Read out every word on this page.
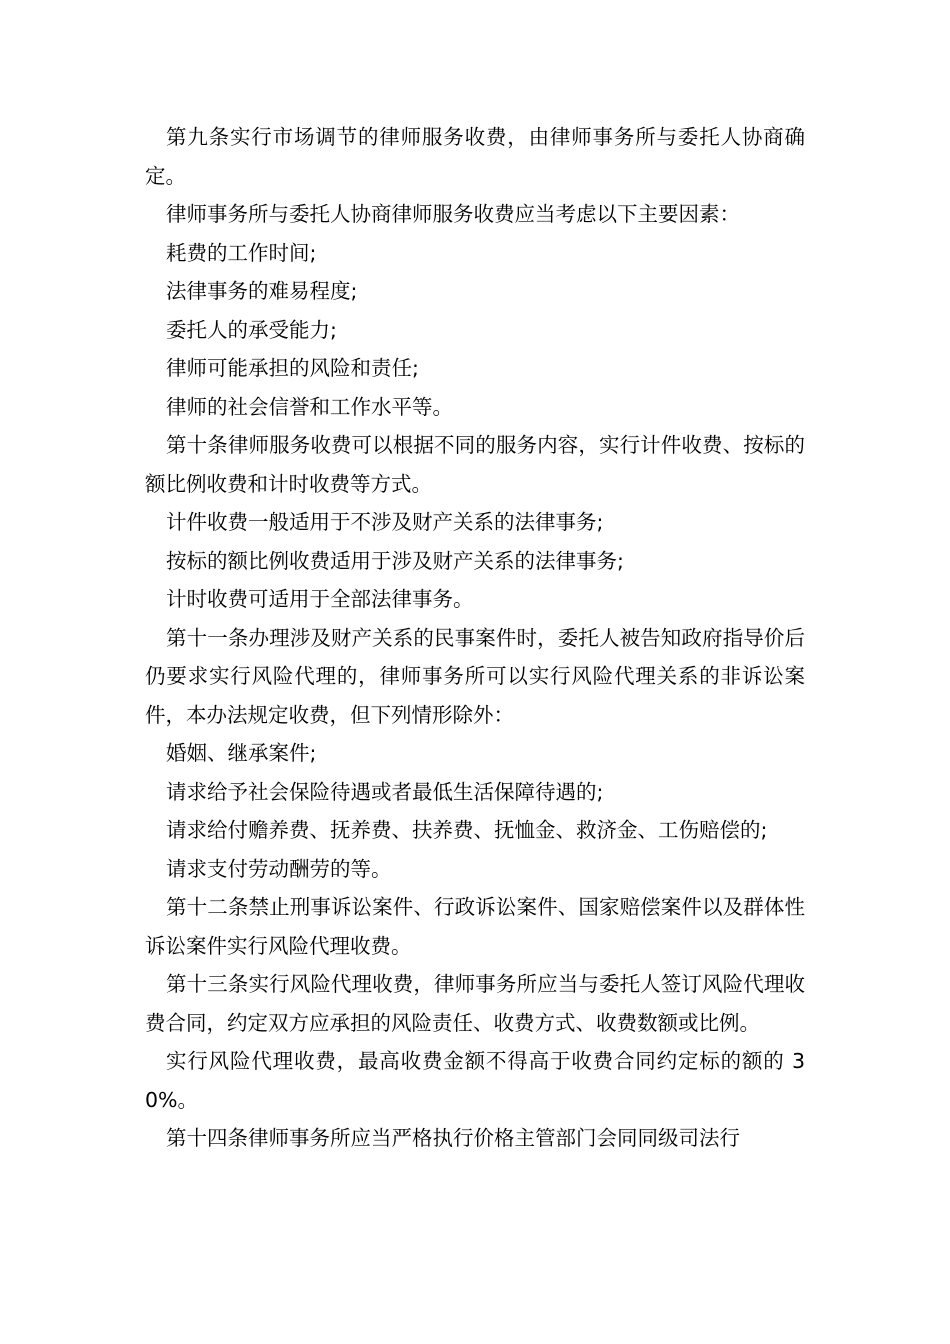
第九条实行市场调节的律师服务收费，由律师事务所与委托人协商确定。

律师事务所与委托人协商律师服务收费应当考虑以下主要因素：

耗费的工作时间;

法律事务的难易程度;

委托人的承受能力;

律师可能承担的风险和责任;

律师的社会信誉和工作水平等。

第十条律师服务收费可以根据不同的服务内容，实行计件收费、按标的额比例收费和计时收费等方式。

计件收费一般适用于不涉及财产关系的法律事务;

按标的额比例收费适用于涉及财产关系的法律事务;

计时收费可适用于全部法律事务。

第十一条办理涉及财产关系的民事案件时，委托人被告知政府指导价后仍要求实行风险代理的，律师事务所可以实行风险代理关系的非诉讼案件，本办法规定收费，但下列情形除外：

婚姻、继承案件;

请求给予社会保险待遇或者最低生活保障待遇的;

请求给付赡养费、抚养费、扶养费、抚恤金、救济金、工伤赔偿的;

请求支付劳动酬劳的等。

第十二条禁止刑事诉讼案件、行政诉讼案件、国家赔偿案件以及群体性诉讼案件实行风险代理收费。

第十三条实行风险代理收费，律师事务所应当与委托人签订风险代理收费合同，约定双方应承担的风险责任、收费方式、收费数额或比例。

实行风险代理收费，最高收费金额不得高于收费合同约定标的额的 30%。

第十四条律师事务所应当严格执行价格主管部门会同同级司法行
